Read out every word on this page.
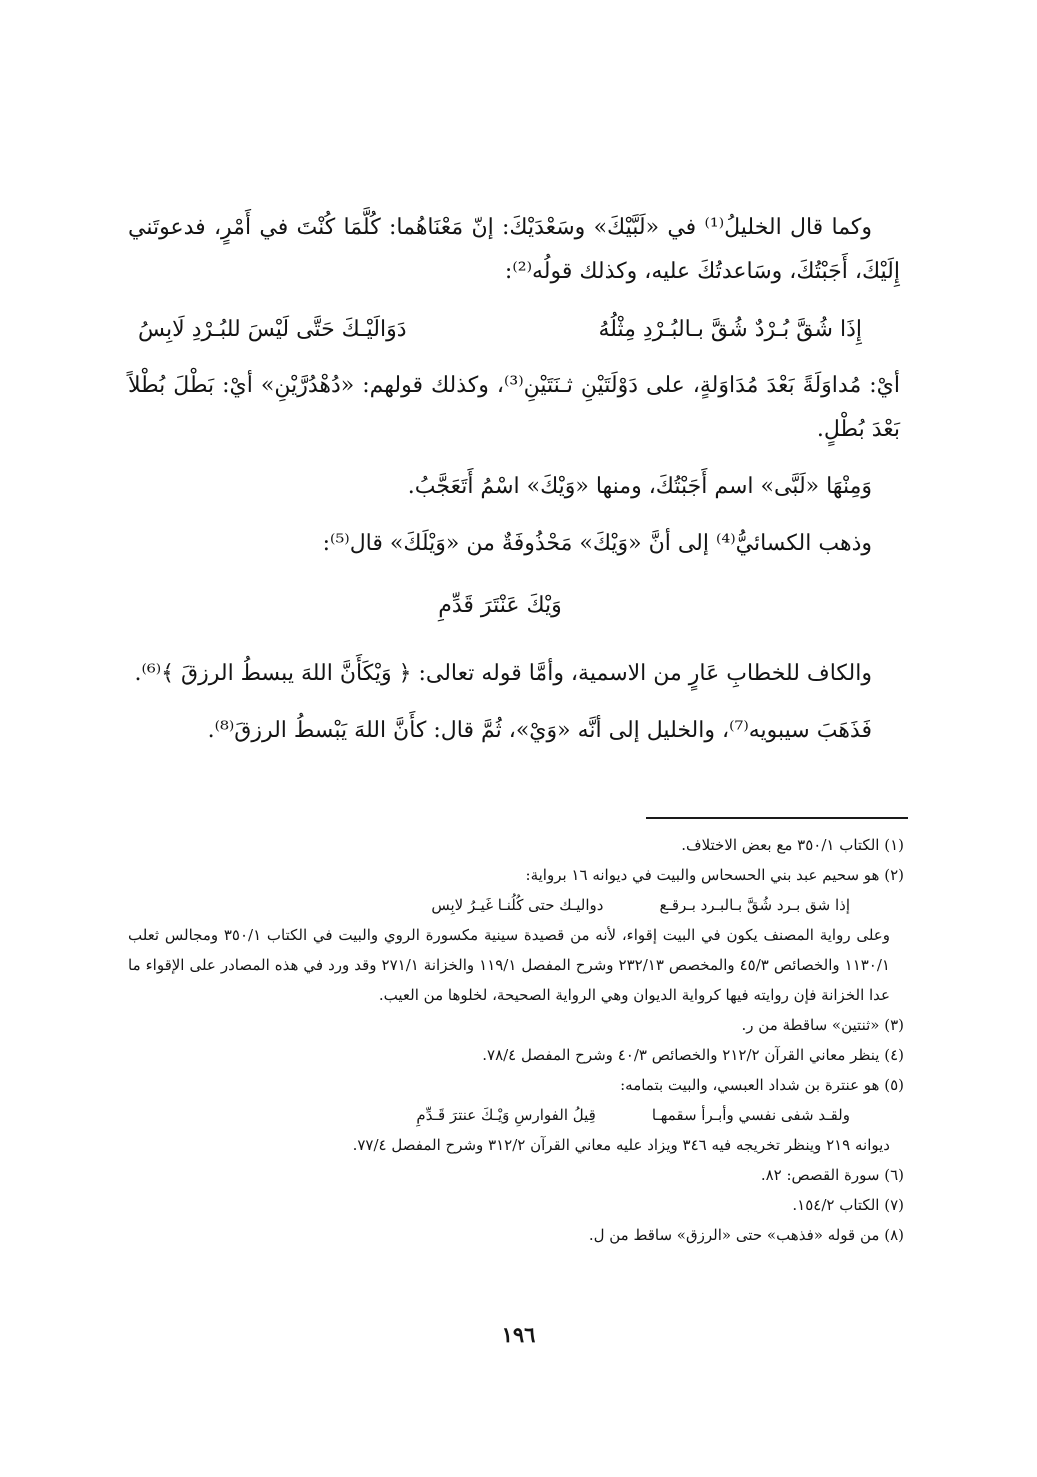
وكما قال الخليلُ⁽¹⁾ في «لَبَّيْكَ» وسَعْدَيْكَ: إنّ مَعْنَاهُما: كُلَّمَا كُنْتَ في أَمْرٍ، فدعوتَني إِلَيْكَ، أَجَبْتُكَ، وسَاعدتُكَ عليه، وكذلك قولُه⁽²⁾:

إِذَا شُقَّ بُـرْدٌ شُقَّ بـالبُـرْدِ مِثْلُهُ
دَوَالَيْـكَ حَتَّى لَيْسَ للبُـرْدِ لَابِسُ

أيْ: مُداوَلَةً بَعْدَ مُدَاوَلةٍ، على دَوْلَتَيْنِ ثـنَتَيْنِ⁽³⁾، وكذلك قولهم: «دُهْدُرَّيْنِ» أيْ: بَطْلَ بُطْلاً بَعْدَ بُطْلٍ.

وَمِنْهَا «لَبَّى» اسم أَجَبْتُكَ، ومنها «وَيْكَ» اسْمُ أَتَعَجَّبُ.

وذهب الكسائيُّ⁽⁴⁾ إلى أنَّ «وَيْكَ» مَحْذُوفَةٌ من «وَيْلَكَ» قال⁽⁵⁾:

وَيْكَ عَنْتَرَ قَدِّمِ

والكاف للخطابِ عَارٍ من الاسمية، وأمَّا قوله تعالى: ﴿ وَيْكَأَنَّ اللهَ يبسطُ الرزقَ ﴾⁽⁶⁾.

فَذَهَبَ سيبويه⁽⁷⁾، والخليل إلى أنَّه «وَيْ»، ثُمَّ قال: كأَنَّ اللهَ يَبْسطُ الرزقَ⁽⁸⁾.

(١) الكتاب ٣٥٠/١ مع بعض الاختلاف.

(٢) هو سحيم عبد بني الحسحاس والبيت في ديوانه ١٦ برواية:

إذا شق بـرد شُقَّ بـالبـرد بـرقـع
دواليـك حتى كُلُنـا غَيـرُ لابِس

وعلى رواية المصنف يكون في البيت إقواء، لأنه من قصيدة سينية مكسورة الروي والبيت في الكتاب ٣٥٠/١ ومجالس ثعلب ١١٣٠/١ والخصائص ٤٥/٣ والمخصص ٢٣٢/١٣ وشرح المفصل ١١٩/١ والخزانة ٢٧١/١ وقد ورد في هذه المصادر على الإقواء ما عدا الخزانة فإن روايته فيها كرواية الديوان وهي الرواية الصحيحة، لخلوها من العيب.

(٣) «ثنتين» ساقطة من ر.

(٤) ينظر معاني القرآن ٢١٢/٢ والخصائص ٤٠/٣ وشرح المفصل ٧٨/٤.

(٥) هو عنترة بن شداد العبسي، والبيت بتمامه:

ولقـد شفى نفسي وأبـرأ سقمهـا
قِيلُ الفوارسِ وَيْـكَ عنترَ قَـدِّمِ

ديوانه ٢١٩ وينظر تخريجه فيه ٣٤٦ ويزاد عليه معاني القرآن ٣١٢/٢ وشرح المفصل ٧٧/٤.

(٦) سورة القصص: ٨٢.

(٧) الكتاب ١٥٤/٢.

(٨) من قوله «فذهب» حتى «الرزق» ساقط من ل.

١٩٦
